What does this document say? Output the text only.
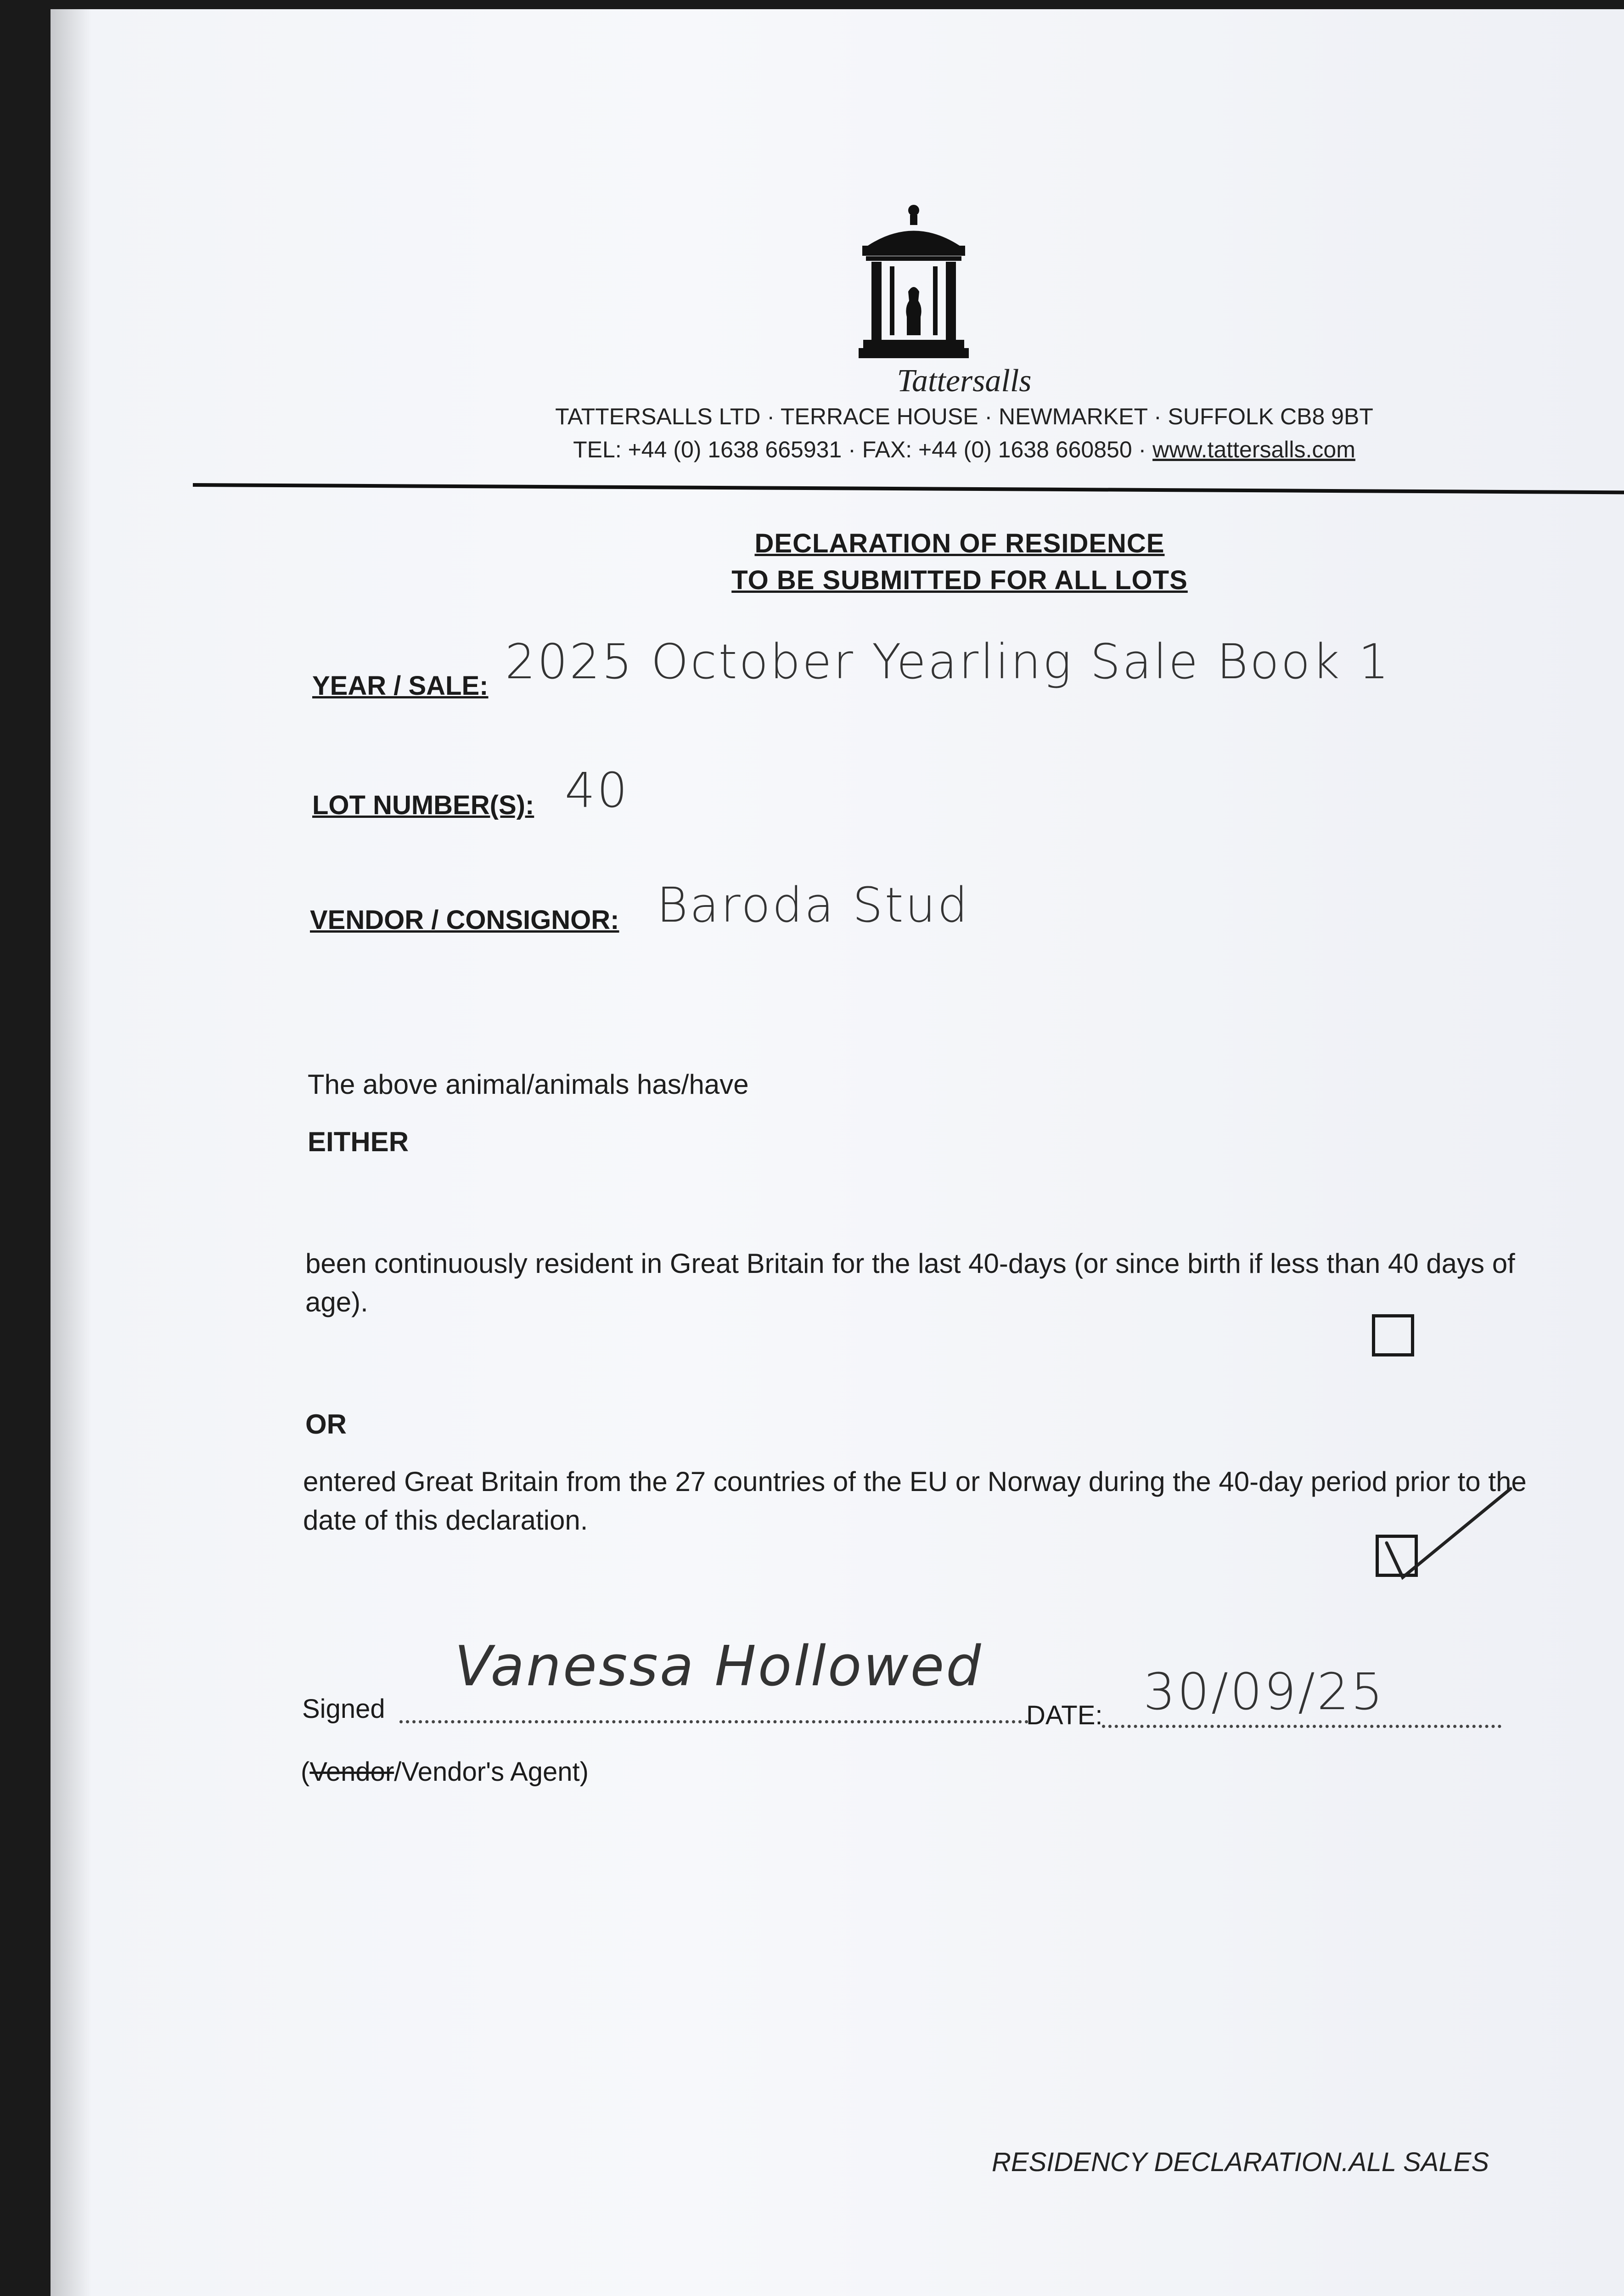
Tattersalls
TATTERSALLS LTD · TERRACE HOUSE · NEWMARKET · SUFFOLK CB8 9BT
TEL: +44 (0) 1638 665931 · FAX: +44 (0) 1638 660850 · www.tattersalls.com
DECLARATION OF RESIDENCE
TO BE SUBMITTED FOR ALL LOTS
YEAR / SALE: 2025 October Yearling Sale Book 1
LOT NUMBER(S): 40
VENDOR / CONSIGNOR: Baroda Stud
The above animal/animals has/have
EITHER
been continuously resident in Great Britain for the last 40-days (or since birth if less than 40 days of age).
OR
entered Great Britain from the 27 countries of the EU or Norway during the 40-day period prior to the date of this declaration.
Signed
Vanessa Hollowed
DATE: 30/09/25
(Vendor/Vendor's Agent)
RESIDENCY DECLARATION.ALL SALES
